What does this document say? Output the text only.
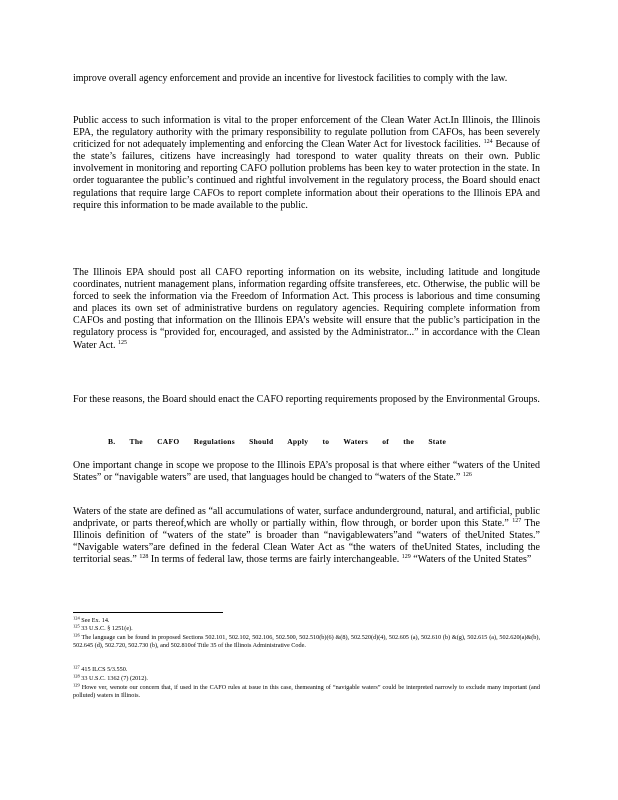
improve overall agency enforcement and provide an incentive for livestock facilities to comply with the law.

Public access to such information is vital to the proper enforcement of the Clean Water Act.In Illinois, the Illinois EPA, the regulatory authority with the primary responsibility to regulate pollution from CAFOs, has been severely criticized for not adequately implementing and enforcing the Clean Water Act for livestock facilities. $^{124}$ Because of the state’s failures, citizens have increasingly had torespond to water quality threats on their own. Public involvement in monitoring and reporting CAFO pollution problems has been key to water protection in the state. In order toguarantee the public’s continued and rightful involvement in the regulatory process, the Board should enact regulations that require large CAFOs to report complete information about their operations to the Illinois EPA and require this information to be made available to the public.

The Illinois EPA should post all CAFO reporting information on its website, including latitude and longitude coordinates, nutrient management plans, information regarding offsite transferees, etc. Otherwise, the public will be forced to seek the information via the Freedom of Information Act. This process is laborious and time consuming and places its own set of administrative burdens on regulatory agencies. Requiring complete information from CAFOs and posting that information on the Illinois EPA’s website will ensure that the public’s participation in the regulatory process is “provided for, encouraged, and assisted by the Administrator...” in accordance with the Clean Water Act. $^{125}$

For these reasons, the Board should enact the CAFO reporting requirements proposed by the Environmental Groups.

B. The CAFO Regulations Should Apply to Waters of the State

One important change in scope we propose to the Illinois EPA’s proposal is that where either “waters of the United States” or “navigable waters” are used, that languages hould be changed to “waters of the State.” $^{126}$

Waters of the state are defined as “all accumulations of water, surface andunderground, natural, and artificial, public andprivate, or parts thereof,which are wholly or partially within, flow through, or border upon this State.” $^{127}$ The Illinois definition of “waters of the state” is broader than “navigablewaters”and “waters of theUnited States.” “Navigable waters”are defined in the federal Clean Water Act as “the waters of theUnited States, including the territorial seas.” $^{128}$ In terms of federal law, those terms are fairly interchangeable. $^{129}$ “Waters of the United States”

$^{124}$ See Ex. 14.

$^{125}$ 33 U.S.C. § 1251(e).

$^{126}$ The language can be found in proposed Sections 502.101, 502.102, 502.106, 502.500, 502.510(b)(6) &(8), 502.520(d)(4), 502.605 (a), 502.610 (b) &(g), 502.615 (a), 502.620(a)&(b), 502.645 (d), 502.720, 502.730 (b), and 502.810of Title 35 of the Illinois Administrative Code.

$^{127}$ 415 ILCS 5/3.550.

$^{128}$ 33 U.S.C. 1362 (7) (2012).

$^{129}$ Howe ver, wenote our concern that, if used in the CAFO rules at issue in this case, themeaning of “navigable waters” could be interpreted narrowly to exclude many important (and polluted) waters in Illinois.
